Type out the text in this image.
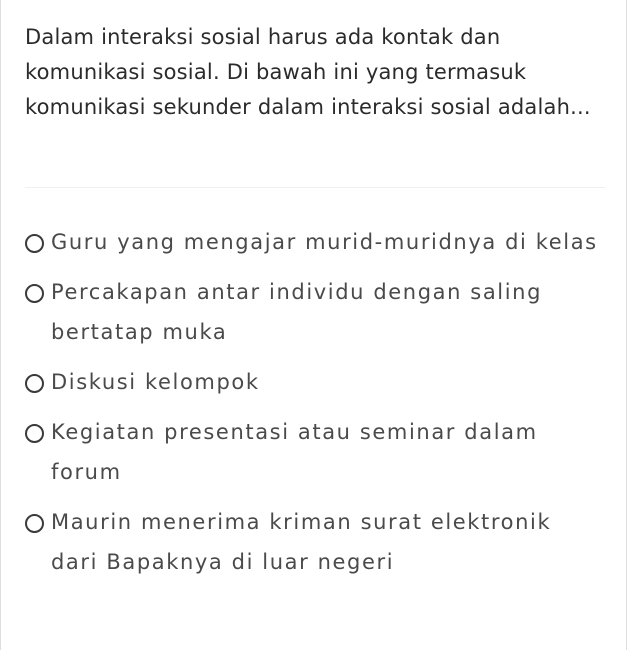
Dalam interaksi sosial harus ada kontak dan komunikasi sosial. Di bawah ini yang termasuk komunikasi sekunder dalam interaksi sosial adalah...
Guru yang mengajar murid-muridnya di kelas
Percakapan antar individu dengan saling bertatap muka
Diskusi kelompok
Kegiatan presentasi atau seminar dalam forum
Maurin menerima kriman surat elektronik dari Bapaknya di luar negeri
